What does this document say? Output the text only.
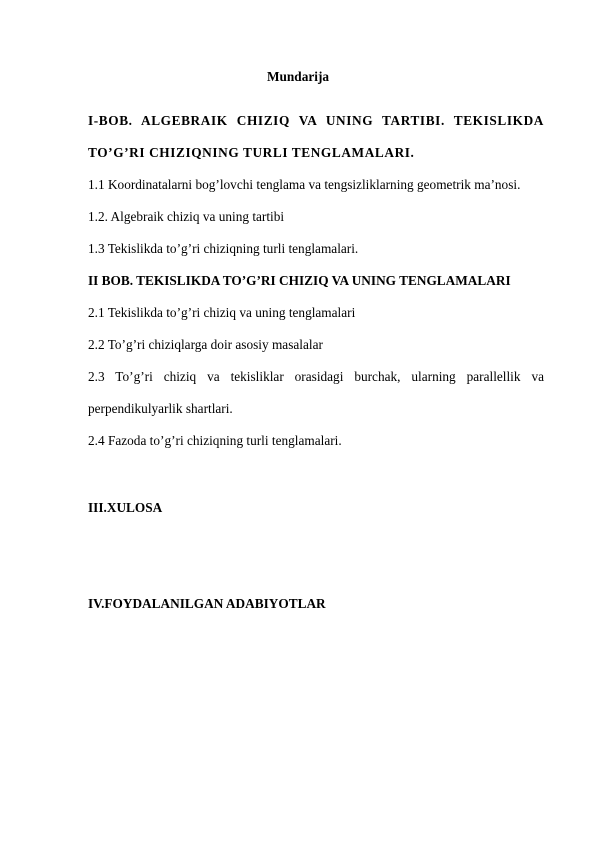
Mundarija
I-BOB. ALGEBRAIK CHIZIQ VA UNING TARTIBI. TEKISLIKDA
TO’G’RI CHIZIQNING TURLI TENGLAMALARI.
1.1 Koordinatalarni bog’lovchi tenglama va tengsizliklarning geometrik ma’nosi.
1.2. Algebraik chiziq va uning tartibi
1.3 Tekislikda to’g’ri chiziqning turli tenglamalari.
II BOB. TEKISLIKDA TO’G’RI CHIZIQ VA UNING TENGLAMALARI
2.1 Tekislikda to’g’ri chiziq va uning tenglamalari
2.2 To’g’ri chiziqlarga doir asosiy masalalar
2.3 To’g’ri chiziq va tekisliklar orasidagi burchak, ularning parallellik va
perpendikulyarlik shartlari.
2.4 Fazoda to’g’ri chiziqning turli tenglamalari.
III.XULOSA
IV.FOYDALANILGAN ADABIYOTLAR
